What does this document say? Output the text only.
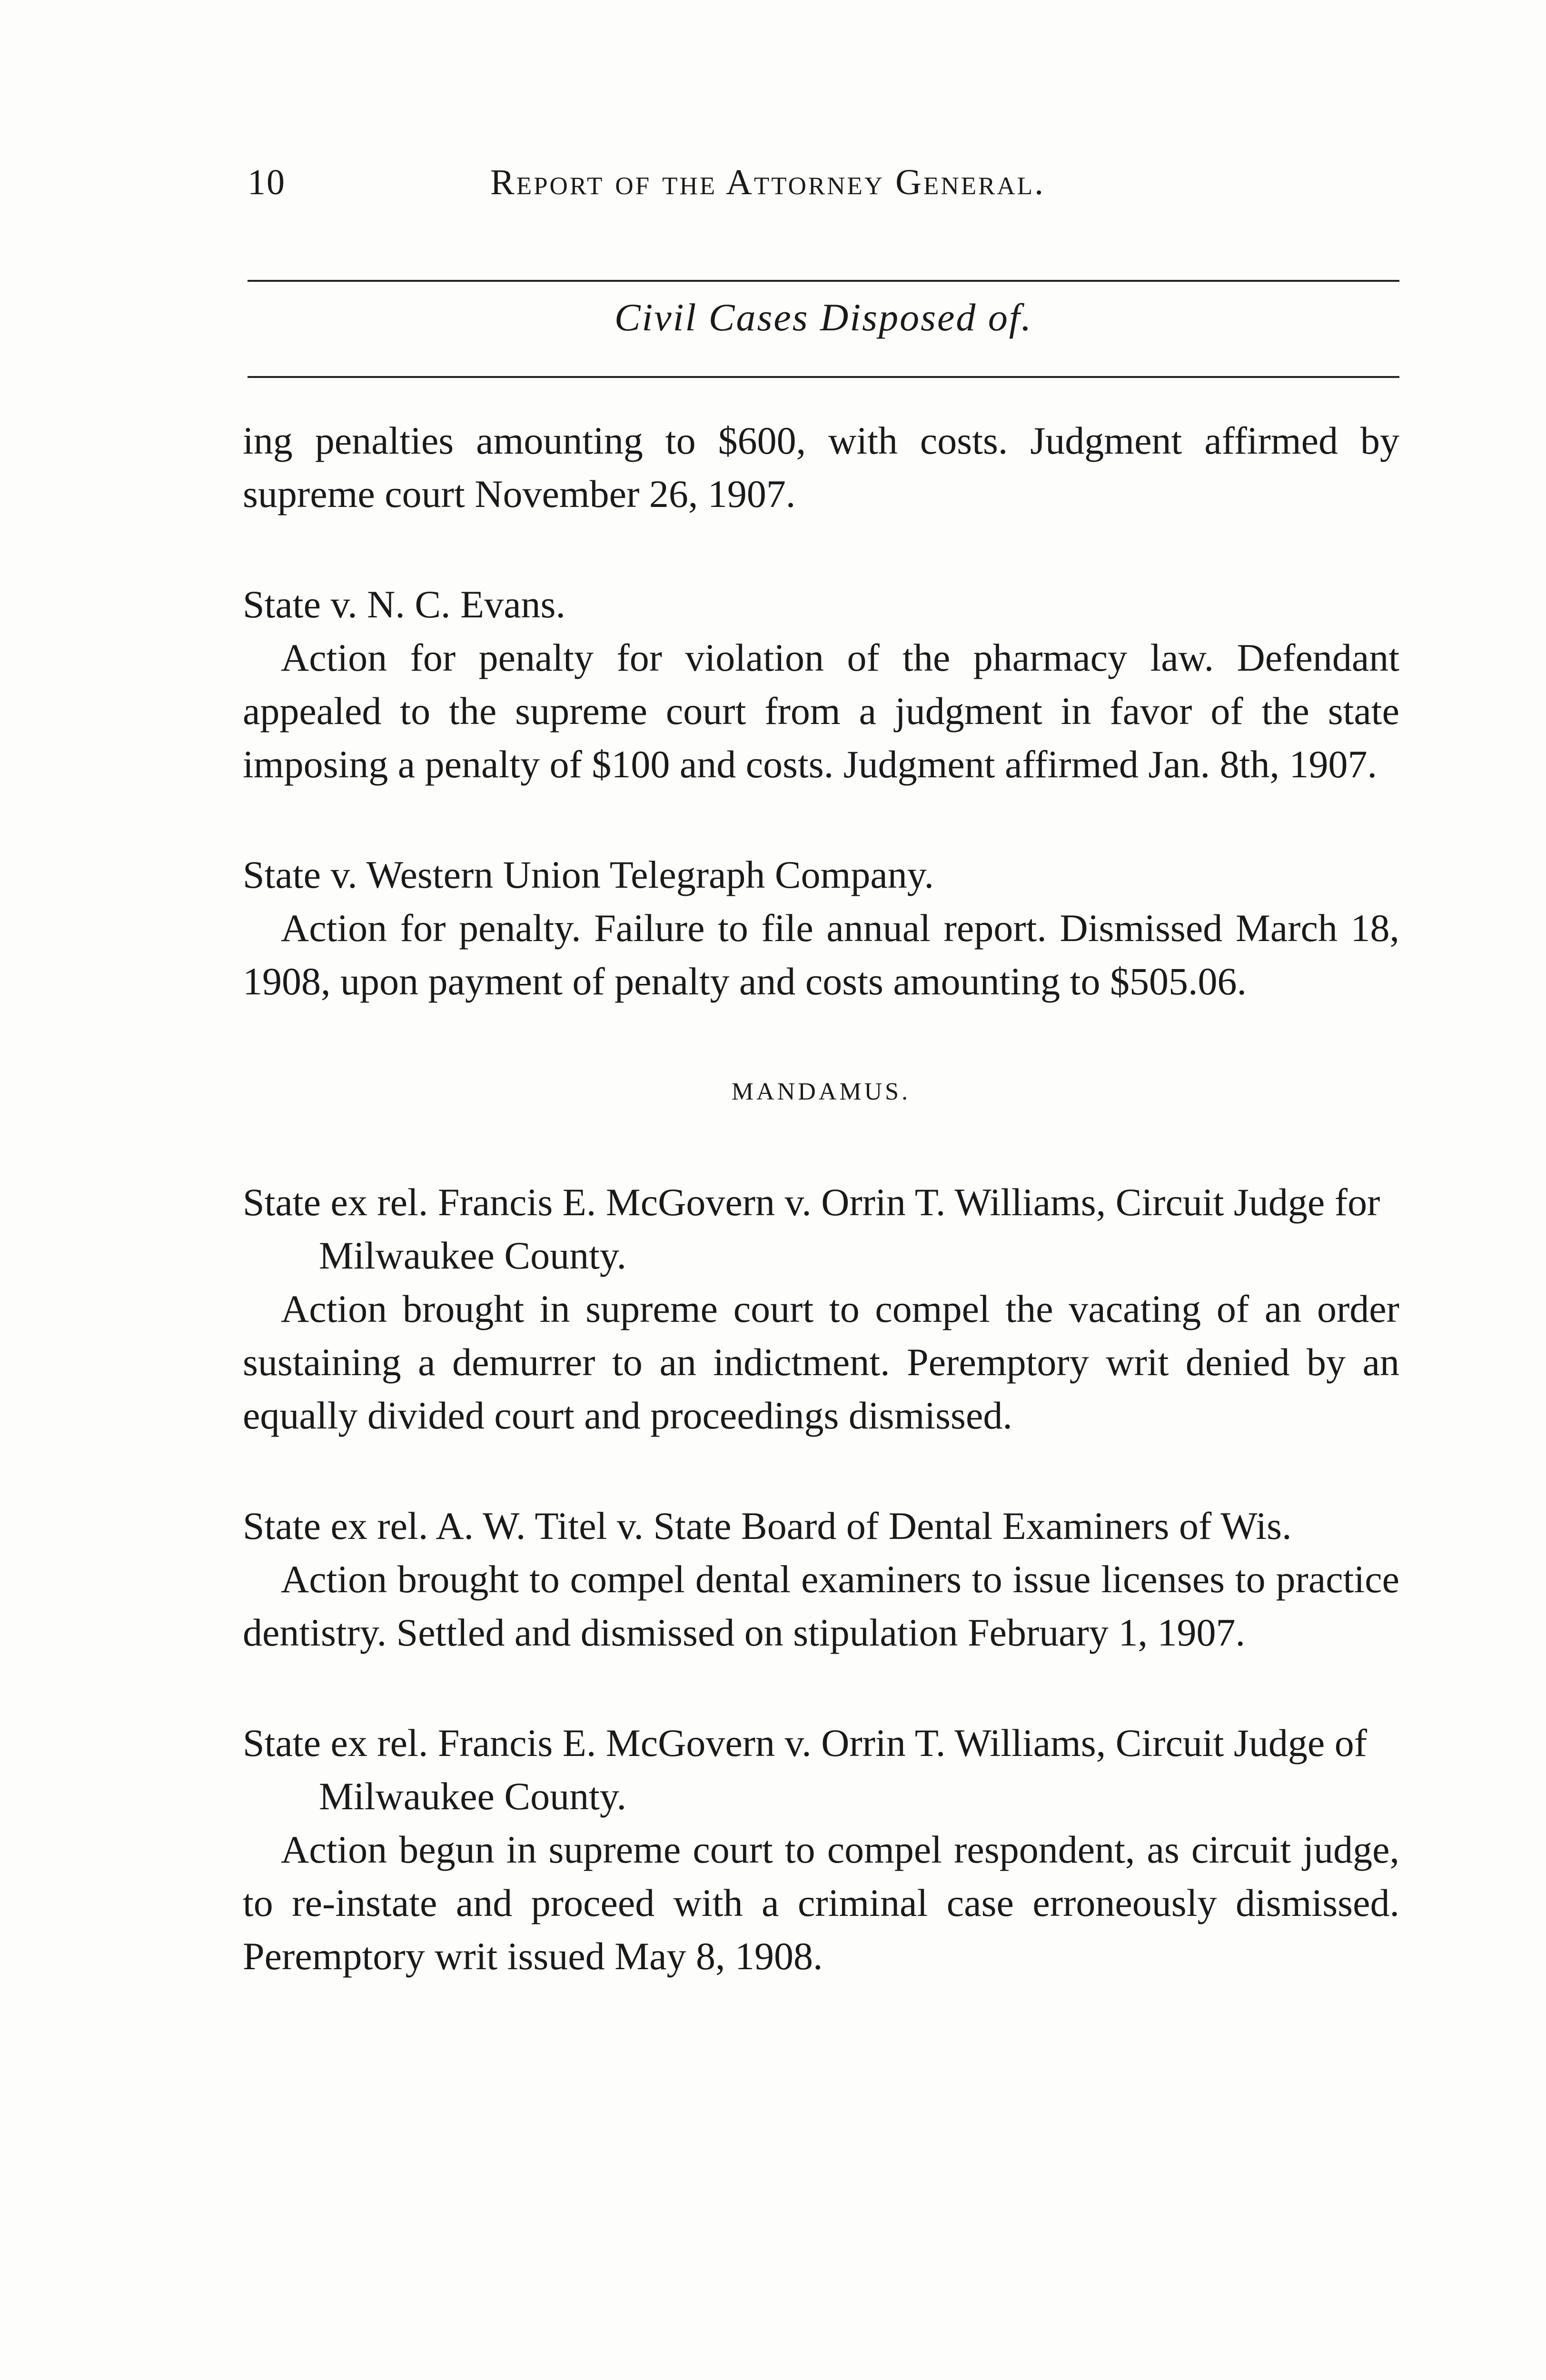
10	Report of the Attorney General.
Civil Cases Disposed of.

ing penalties amounting to $600, with costs. Judgment affirmed by supreme court November 26, 1907.

State v. N. C. Evans.

Action for penalty for violation of the pharmacy law. Defendant appealed to the supreme court from a judgment in favor of the state imposing a penalty of $100 and costs. Judgment affirmed Jan. 8th, 1907.

State v. Western Union Telegraph Company.

Action for penalty. Failure to file annual report. Dismissed March 18, 1908, upon payment of penalty and costs amounting to $505.06.

MANDAMUS.

State ex rel. Francis E. McGovern v. Orrin T. Williams, Circuit Judge for Milwaukee County.

Action brought in supreme court to compel the vacating of an order sustaining a demurrer to an indictment. Peremptory writ denied by an equally divided court and proceedings dismissed.

State ex rel. A. W. Titel v. State Board of Dental Examiners of Wis.

Action brought to compel dental examiners to issue licenses to practice dentistry. Settled and dismissed on stipulation February 1, 1907.

State ex rel. Francis E. McGovern v. Orrin T. Williams, Circuit Judge of Milwaukee County.

Action begun in supreme court to compel respondent, as circuit judge, to re-instate and proceed with a criminal case erroneously dismissed. Peremptory writ issued May 8, 1908.
